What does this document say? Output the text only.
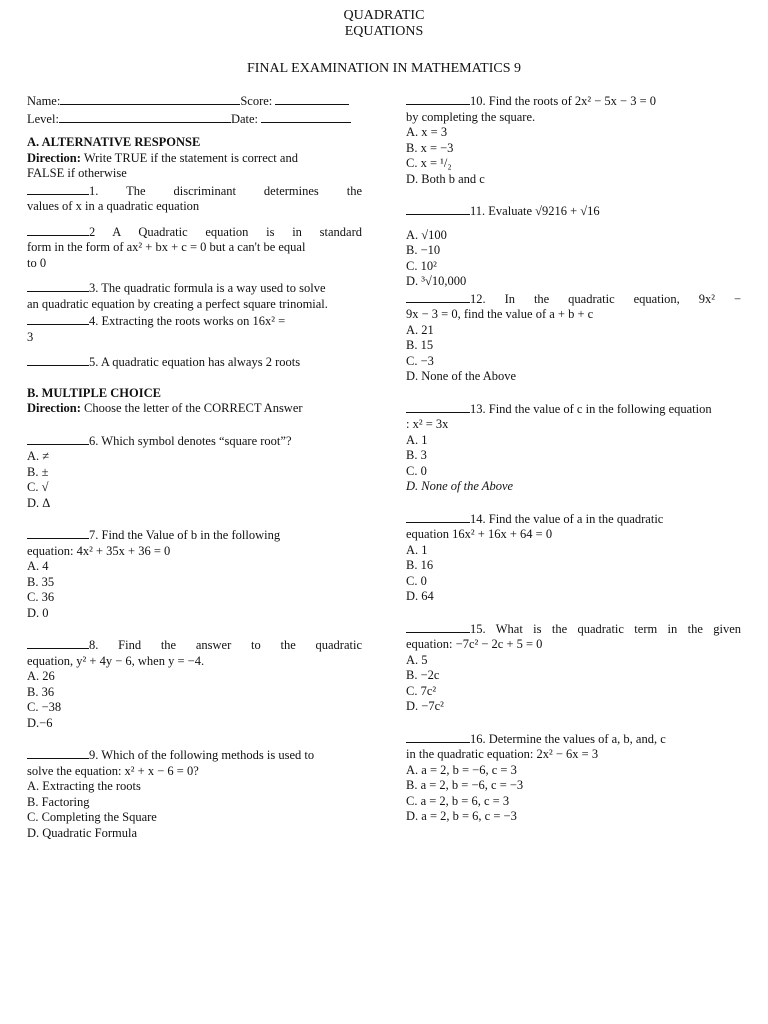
QUADRATIC
EQUATIONS
FINAL EXAMINATION IN MATHEMATICS 9
Name:	Score:
Level:	Date:
A. ALTERNATIVE RESPONSE
Direction: Write TRUE if the statement is correct and
FALSE if otherwise
1. The discriminant determines the
values of x in a quadratic equation
2 A Quadratic equation is in standard
form in the form of ax² + bx + c = 0 but a can't be equal
to 0
3. The quadratic formula is a way used to solve
an quadratic equation by creating a perfect square trinomial.
4. Extracting the roots works on 16x² =
3
5. A quadratic equation has always 2 roots
B. MULTIPLE CHOICE
Direction: Choose the letter of the CORRECT Answer
6. Which symbol denotes “square root”?
A. ≠
B. ±
C. √
D. Δ
7. Find the Value of b in the following
equation: 4x² + 35x + 36 = 0
A. 4
B. 35
C. 36
D. 0
8. Find the answer to the quadratic
equation, y² + 4y − 6, when y = −4.
A. 26
B. 36
C. −38
D.−6
9. Which of the following methods is used to
solve the equation: x² + x − 6 = 0?
A. Extracting the roots
B. Factoring
C. Completing the Square
D. Quadratic Formula
10. Find the roots of 2x² − 5x − 3 = 0
by completing the square.
A. x = 3
B. x = −3
C. x = ¹/₂
D. Both b and c
11. Evaluate √9216 + √16
A. √100
B. −10
C. 10²
D. ³√10,000
12. In the quadratic equation, 9x² −
9x − 3 = 0, find the value of a + b + c
A. 21
B. 15
C. −3
D. None of the Above
13. Find the value of c in the following equation
: x² = 3x
A. 1
B. 3
C. 0
D. None of the Above
14. Find the value of a in the quadratic
equation 16x² + 16x + 64 = 0
A. 1
B. 16
C. 0
D. 64
15. What is the quadratic term in the given
equation: −7c² − 2c + 5 = 0
A. 5
B. −2c
C. 7c²
D. −7c²
16. Determine the values of a, b, and, c
in the quadratic equation: 2x² − 6x = 3
A. a = 2, b = −6, c = 3
B. a = 2, b = −6, c = −3
C. a = 2, b = 6, c = 3
D. a = 2, b = 6, c = −3
